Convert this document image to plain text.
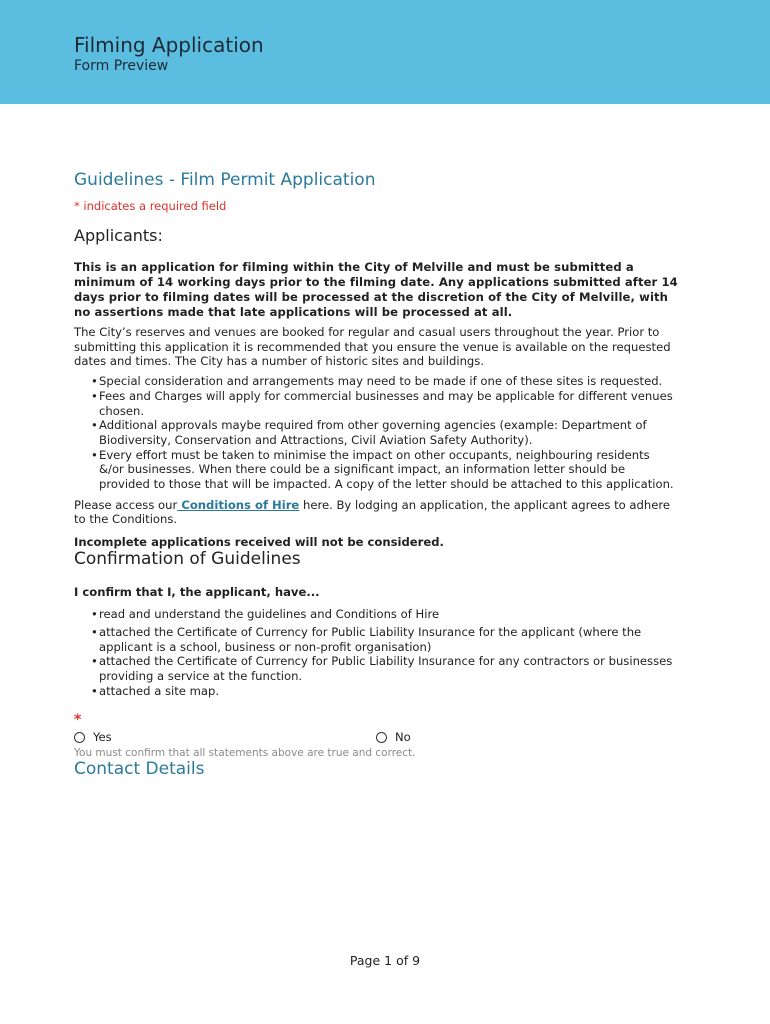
Filming Application
Form Preview
Guidelines - Film Permit Application

* indicates a required field

Applicants:

This is an application for filming within the City of Melville and must be submitted a minimum of 14 working days prior to the filming date. Any applications submitted after 14 days prior to filming dates will be processed at the discretion of the City of Melville, with no assertions made that late applications will be processed at all.

The City’s reserves and venues are booked for regular and casual users throughout the year. Prior to submitting this application it is recommended that you ensure the venue is available on the requested dates and times. The City has a number of historic sites and buildings.

• Special consideration and arrangements may need to be made if one of these sites is requested.
• Fees and Charges will apply for commercial businesses and may be applicable for different venues chosen.
• Additional approvals maybe required from other governing agencies (example: Department of Biodiversity, Conservation and Attractions, Civil Aviation Safety Authority).
• Every effort must be taken to minimise the impact on other occupants, neighbouring residents &/or businesses. When there could be a significant impact, an information letter should be provided to those that will be impacted. A copy of the letter should be attached to this application.

Please access our Conditions of Hire here. By lodging an application, the applicant agrees to adhere to the Conditions.

Incomplete applications received will not be considered.

Confirmation of Guidelines

I confirm that I, the applicant, have...

• read and understand the guidelines and Conditions of Hire
• attached the Certificate of Currency for Public Liability Insurance for the applicant (where the applicant is a school, business or non-profit organisation)
• attached the Certificate of Currency for Public Liability Insurance for any contractors or businesses providing a service at the function.
• attached a site map.
*
Yes	No

You must confirm that all statements above are true and correct.

Contact Details
Page 1 of 9
